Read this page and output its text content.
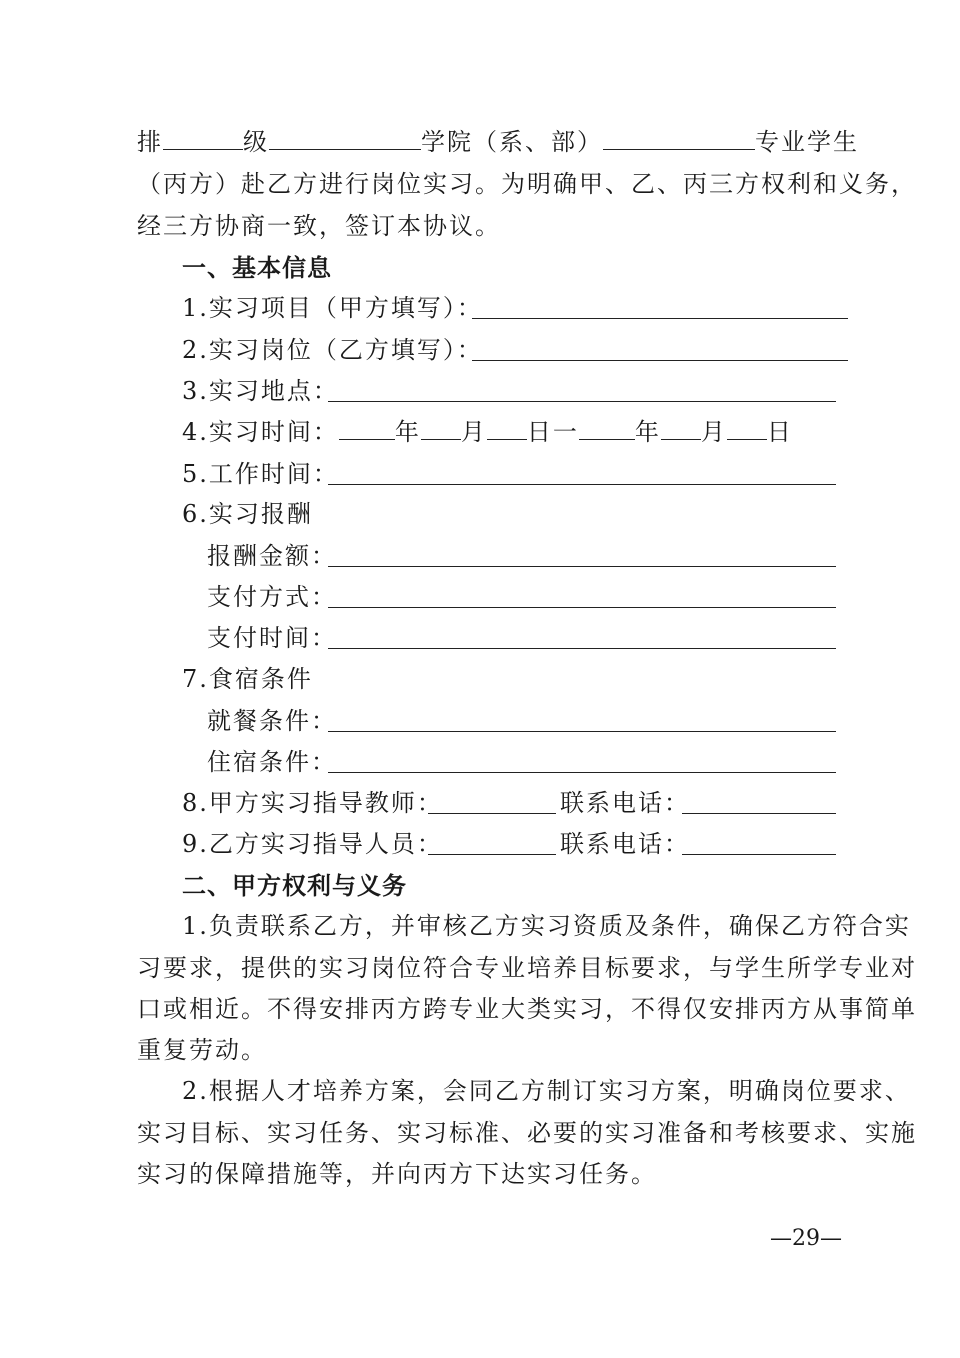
排	级	学院（系、部）	专业学生
（丙方）赴乙方进行岗位实习。为明确甲、乙、丙三方权利和义务，
经三方协商一致，签订本协议。
一、基本信息
1.实习项目（甲方填写）：
2.实习岗位（乙方填写）：
3.实习地点：
4.实习时间： 年 月 日一 年 月 日
5.工作时间：
6.实习报酬
报酬金额：
支付方式：
支付时间：
7.食宿条件
就餐条件：
住宿条件：
8.甲方实习指导教师：	联系电话：
9.乙方实习指导人员：	联系电话：
二、甲方权利与义务
1.负责联系乙方，并审核乙方实习资质及条件，确保乙方符合实
习要求，提供的实习岗位符合专业培养目标要求，与学生所学专业对
口或相近。不得安排丙方跨专业大类实习，不得仅安排丙方从事简单
重复劳动。
2.根据人才培养方案，会同乙方制订实习方案，明确岗位要求、
实习目标、实习任务、实习标准、必要的实习准备和考核要求、实施
实习的保障措施等，并向丙方下达实习任务。
—29—
